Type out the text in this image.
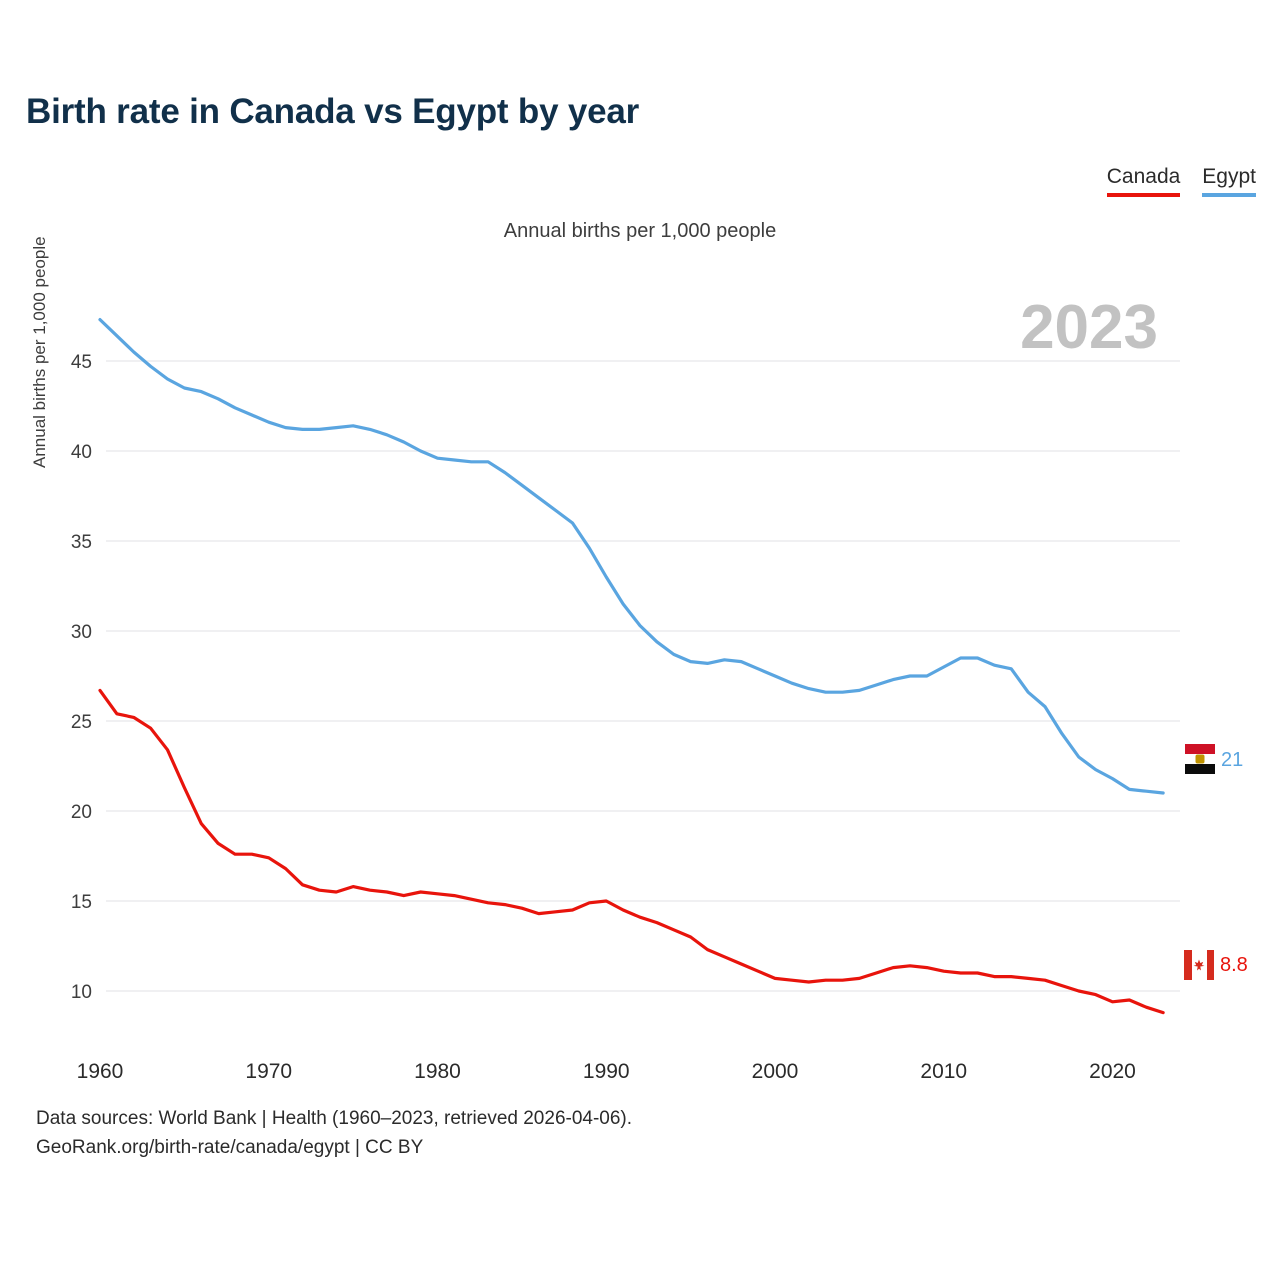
Birth rate in Canada vs Egypt by year
Canada Egypt
Annual births per 1,000 people
Annual births per 1,000 people	2023
10
15
20
25
30
35
40
45
1960	1970	1980	1990	2000	2010	2020
21
8.8
Data sources: World Bank | Health (1960–2023, retrieved 2026-04-06).
GeoRank.org/birth-rate/canada/egypt | CC BY
